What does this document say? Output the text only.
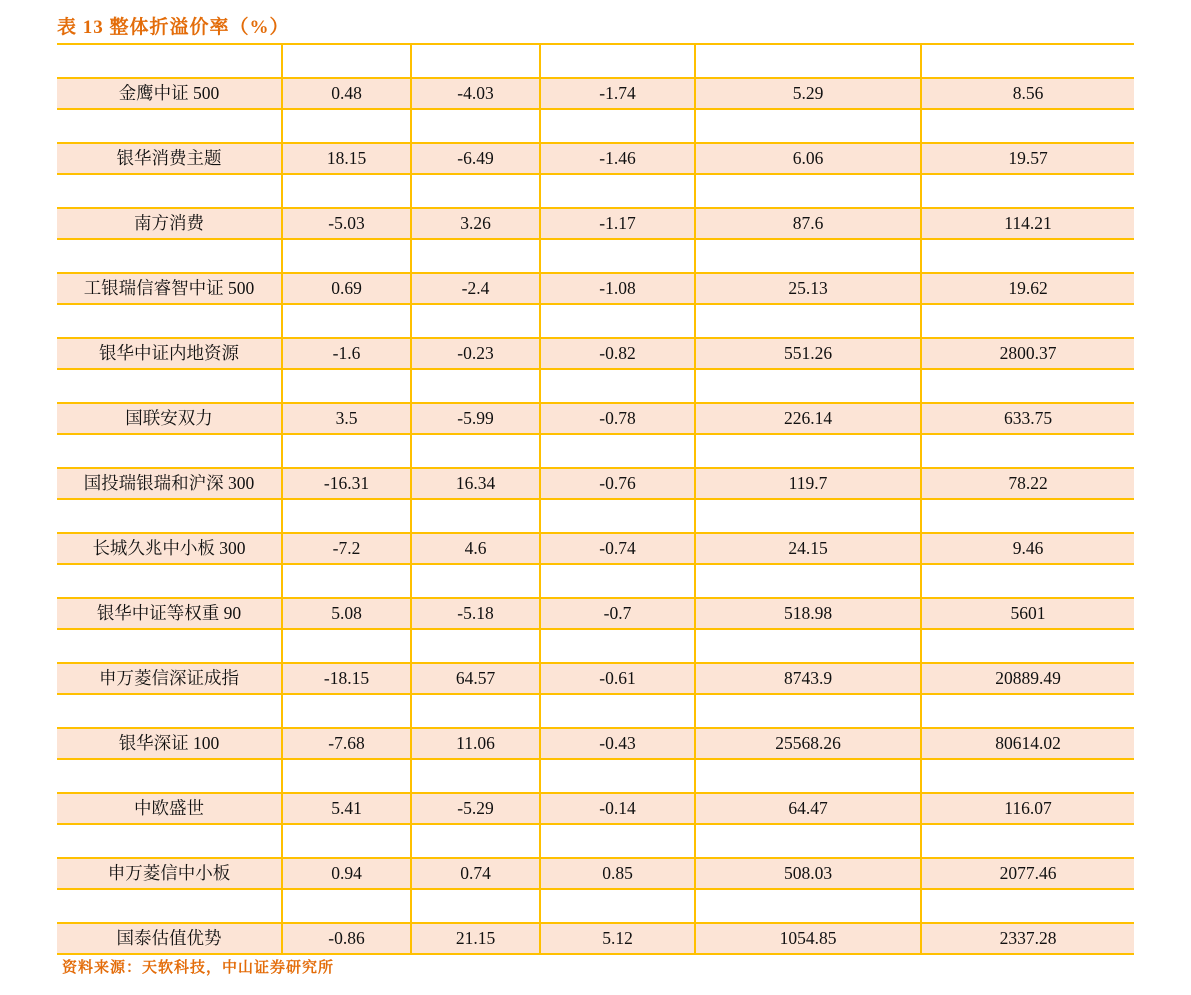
表 13 整体折溢价率（%）
金鹰中证 500	0.48	-4.03	-1.74	5.29	8.56
银华消费主题	18.15	-6.49	-1.46	6.06	19.57
南方消费	-5.03	3.26	-1.17	87.6	114.21
工银瑞信睿智中证 500	0.69	-2.4	-1.08	25.13	19.62
银华中证内地资源	-1.6	-0.23	-0.82	551.26	2800.37
国联安双力	3.5	-5.99	-0.78	226.14	633.75
国投瑞银瑞和沪深 300	-16.31	16.34	-0.76	119.7	78.22
长城久兆中小板 300	-7.2	4.6	-0.74	24.15	9.46
银华中证等权重 90	5.08	-5.18	-0.7	518.98	5601
申万菱信深证成指	-18.15	64.57	-0.61	8743.9	20889.49
银华深证 100	-7.68	11.06	-0.43	25568.26	80614.02
中欧盛世	5.41	-5.29	-0.14	64.47	116.07
申万菱信中小板	0.94	0.74	0.85	508.03	2077.46
国泰估值优势	-0.86	21.15	5.12	1054.85	2337.28
资料来源：天软科技，中山证券研究所
